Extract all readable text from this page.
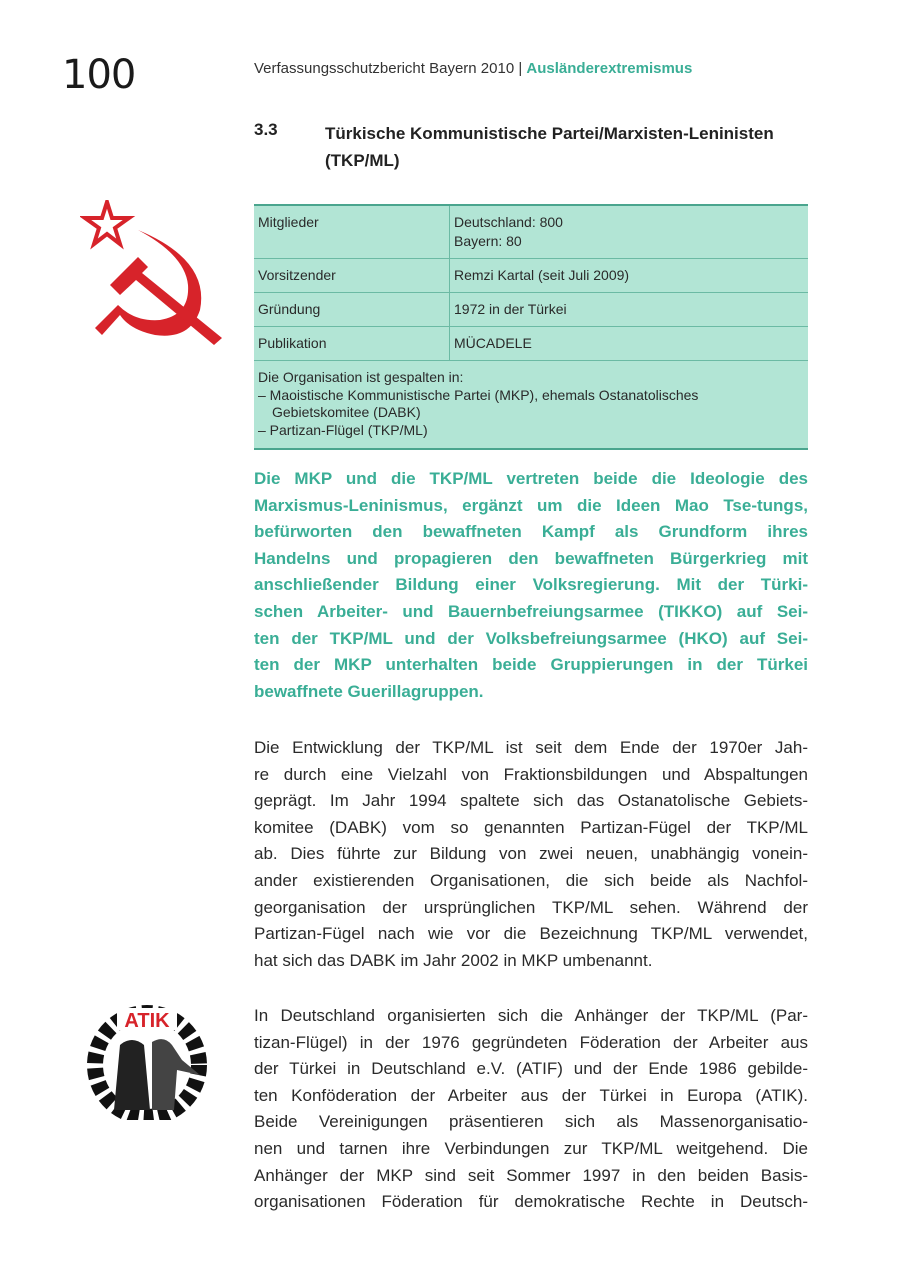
100	Verfassungsschutzbericht Bayern 2010 | Ausländerextremismus
3.3	Türkische Kommunistische Partei/Marxisten-Leninisten (TKP/ML)
ATIK
Mitglieder	Deutschland: 800
Bayern: 80

Vorsitzender	Remzi Kartal (seit Juli 2009)
Gründung	1972 in der Türkei
Publikation	MÜCADELE

Die Organisation ist gespalten in:
– Maoistische Kommunistische Partei (MKP), ehemals Ostanatolisches
Gebietskomitee (DABK)
– Partizan-Flügel (TKP/ML)	
Die MKP und die TKP/ML vertreten beide die Ideologie des
Marxismus-Leninismus, ergänzt um die Ideen Mao Tse-tungs,
befürworten den bewaffneten Kampf als Grundform ihres
Handelns und propagieren den bewaffneten Bürgerkrieg mit
anschließender Bildung einer Volksregierung. Mit der Türki-
schen Arbeiter- und Bauernbefreiungsarmee (TIKKO) auf Sei-
ten der TKP/ML und der Volksbefreiungsarmee (HKO) auf Sei-
ten der MKP unterhalten beide Gruppierungen in der Türkei
bewaffnete Guerillagruppen.
Die Entwicklung der TKP/ML ist seit dem Ende der 1970er Jah-
re durch eine Vielzahl von Fraktionsbildungen und Abspaltungen
geprägt. Im Jahr 1994 spaltete sich das Ostanatolische Gebiets-
komitee (DABK) vom so genannten Partizan-Fügel der TKP/ML
ab. Dies führte zur Bildung von zwei neuen, unabhängig vonein-
ander existierenden Organisationen, die sich beide als Nachfol-
georganisation der ursprünglichen TKP/ML sehen. Während der
Partizan-Fügel nach wie vor die Bezeichnung TKP/ML verwendet,
hat sich das DABK im Jahr 2002 in MKP umbenannt.
In Deutschland organisierten sich die Anhänger der TKP/ML (Par-
tizan-Flügel) in der 1976 gegründeten Föderation der Arbeiter aus
der Türkei in Deutschland e.V. (ATIF) und der Ende 1986 gebilde-
ten Konföderation der Arbeiter aus der Türkei in Europa (ATIK).
Beide Vereinigungen präsentieren sich als Massenorganisatio-
nen und tarnen ihre Verbindungen zur TKP/ML weitgehend. Die
Anhänger der MKP sind seit Sommer 1997 in den beiden Basis-
organisationen Föderation für demokratische Rechte in Deutsch-
